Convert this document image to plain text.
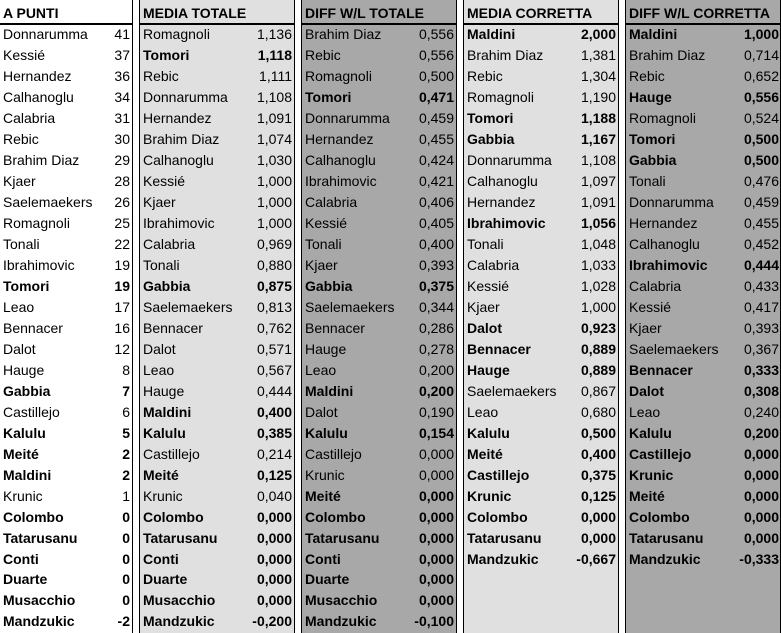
A PUNTI
Donnarumma 41
Kessié	37
Hernandez	36
Calhanoglu	34
Calabria	31
Rebic	30
Brahim Diaz	29
Kjaer	28
Saelemaekers 26
Romagnoli	25
Tonali	22
Ibrahimovic	19
Tomori	19
Leao	17
Bennacer	16
Dalot	12
Hauge	8
Gabbia	7
Castillejo	6
Kalulu	5
Meité	2
Maldini	2
Krunic	1
Colombo	0
Tatarusanu	0
Conti	0
Duarte	0
Musacchio	0
Mandzukic	-2
MEDIA TOTALE
Romagnoli	1,136
Tomori	1,118
Rebic	1,111
Donnarumma 1,108
Hernandez	1,091
Brahim Diaz	1,074
Calhanoglu	1,030
Kessié	1,000
Kjaer	1,000
Ibrahimovic	1,000
Calabria	0,969
Tonali	0,880
Gabbia	0,875
Saelemaekers 0,813
Bennacer	0,762
Dalot	0,571
Leao	0,567
Hauge	0,444
Maldini	0,400
Kalulu	0,385
Castillejo	0,214
Meité	0,125
Krunic	0,040
Colombo	0,000
Tatarusanu	0,000
Conti	0,000
Duarte	0,000
Musacchio	0,000
Mandzukic	-0,200
DIFF W/L TOTALE
Brahim Diaz	0,556
Rebic	0,556
Romagnoli	0,500
Tomori	0,471
Donnarumma 0,459
Hernandez	0,455
Calhanoglu	0,424
Ibrahimovic	0,421
Calabria	0,406
Kessié	0,405
Tonali	0,400
Kjaer	0,393
Gabbia	0,375
Saelemaekers 0,344
Bennacer	0,286
Hauge	0,278
Leao	0,200
Maldini	0,200
Dalot	0,190
Kalulu	0,154
Castillejo	0,000
Krunic	0,000
Meité	0,000
Colombo	0,000
Tatarusanu	0,000
Conti	0,000
Duarte	0,000
Musacchio	0,000
Mandzukic	-0,100
MEDIA CORRETTA
Maldini	2,000
Brahim Diaz	1,381
Rebic	1,304
Romagnoli	1,190
Tomori	1,188
Gabbia	1,167
Donnarumma 1,108
Calhanoglu	1,097
Hernandez	1,091
Ibrahimovic	1,056
Tonali	1,048
Calabria	1,033
Kessié	1,028
Kjaer	1,000
Dalot	0,923
Bennacer	0,889
Hauge	0,889
Saelemaekers 0,867
Leao	0,680
Kalulu	0,500
Meité	0,400
Castillejo	0,375
Krunic	0,125
Colombo	0,000
Tatarusanu	0,000
Mandzukic	-0,667
DIFF W/L CORRETTA
Maldini	1,000
Brahim Diaz	0,714
Rebic	0,652
Hauge	0,556
Romagnoli	0,524
Tomori	0,500
Gabbia	0,500
Tonali	0,476
Donnarumma 0,459
Hernandez	0,455
Calhanoglu	0,452
Ibrahimovic	0,444
Calabria	0,433
Kessié	0,417
Kjaer	0,393
Saelemaekers 0,367
Bennacer	0,333
Dalot	0,308
Leao	0,240
Kalulu	0,200
Castillejo	0,000
Krunic	0,000
Meité	0,000
Colombo	0,000
Tatarusanu	0,000
Mandzukic	-0,333
